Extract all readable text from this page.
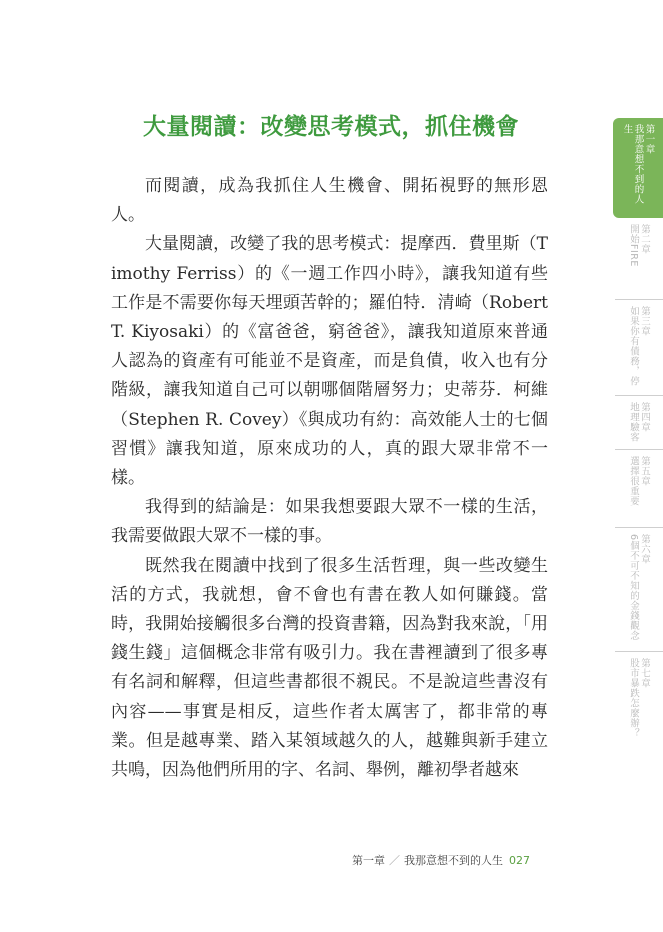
大量閱讀：改變思考模式，抓住機會

而閱讀，成為我抓住人生機會、開拓視野的無形恩人。

大量閱讀，改變了我的思考模式：提摩西．費里斯（Timothy Ferriss）的《一週工作四小時》，讓我知道有些工作是不需要你每天埋頭苦幹的；羅伯特．清崎（Robert T. Kiyosaki）的《富爸爸，窮爸爸》，讓我知道原來普通人認為的資產有可能並不是資產，而是負債，收入也有分階級，讓我知道自己可以朝哪個階層努力；史蒂芬．柯維（Stephen R. Covey）《與成功有約：高效能人士的七個習慣》讓我知道，原來成功的人，真的跟大眾非常不一樣。

我得到的結論是：如果我想要跟大眾不一樣的生活，我需要做跟大眾不一樣的事。

既然我在閱讀中找到了很多生活哲理，與一些改變生活的方式，我就想，會不會也有書在教人如何賺錢。當時，我開始接觸很多台灣的投資書籍，因為對我來說，「用錢生錢」這個概念非常有吸引力。我在書裡讀到了很多專有名詞和解釋，但這些書都很不親民。不是說這些書沒有內容——事實是相反，這些作者太厲害了，都非常的專業。但是越專業、踏入某領域越久的人，越難與新手建立共鳴，因為他們所用的字、名詞、舉例，離初學者越來

第一章
我那意想不到的人生
第二章
開始FIRE
第三章
如果你有債務，停
第四章
地理驗客
第五章
選擇很重要
第六章
6個不可不知的金錢觀念
第七章
股市暴跌怎麼辦？
第一章 ／ 我那意想不到的人生 027
